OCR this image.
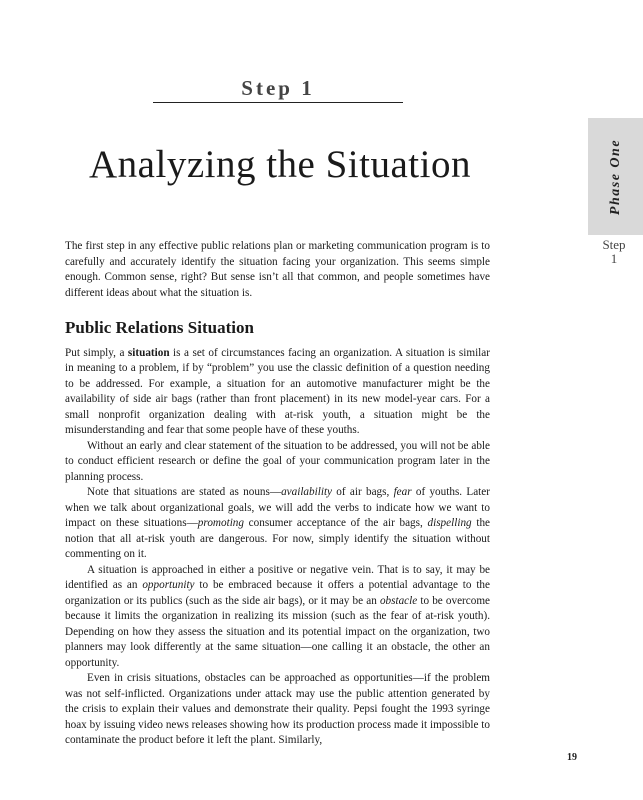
Step 1
Analyzing the Situation	Phase One
Step
1

The first step in any effective public relations plan or marketing communication program is to carefully and accurately identify the situation facing your organization. This seems simple enough. Common sense, right? But sense isn’t all that common, and people sometimes have different ideas about what the situation is.

Public Relations Situation

Put simply, a situation is a set of circumstances facing an organization. A situation is similar in meaning to a problem, if by “problem” you use the classic definition of a question needing to be addressed. For example, a situation for an automotive manufacturer might be the availability of side air bags (rather than front placement) in its new model-year cars. For a small nonprofit organization dealing with at-risk youth, a situation might be the misunderstanding and fear that some people have of these youths.

Without an early and clear statement of the situation to be addressed, you will not be able to conduct efficient research or define the goal of your communication program later in the planning process.

Note that situations are stated as nouns—availability of air bags, fear of youths. Later when we talk about organizational goals, we will add the verbs to indicate how we want to impact on these situations—promoting consumer acceptance of the air bags, dispelling the notion that all at-risk youth are dangerous. For now, simply identify the situation without commenting on it.

A situation is approached in either a positive or negative vein. That is to say, it may be identified as an opportunity to be embraced because it offers a potential advantage to the organization or its publics (such as the side air bags), or it may be an obstacle to be overcome because it limits the organization in realizing its mission (such as the fear of at-risk youth). Depending on how they assess the situation and its potential impact on the organization, two planners may look differently at the same situation—one calling it an obstacle, the other an opportunity.

Even in crisis situations, obstacles can be approached as opportunities—if the problem was not self-inflicted. Organizations under attack may use the public attention generated by the crisis to explain their values and demonstrate their quality. Pepsi fought the 1993 syringe hoax by issuing video news releases showing how its production process made it impossible to contaminate the product before it left the plant. Similarly,

19
